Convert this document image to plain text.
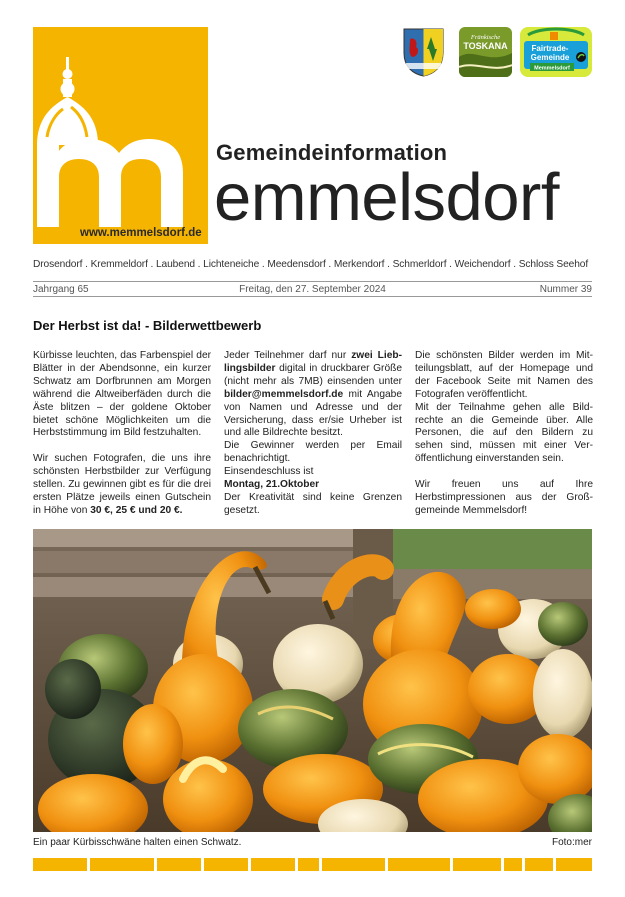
www.memmelsdorf.de
Fränkische
TOSKANA	Fairtrade-
Gemeinde
Memmelsdorf
Gemeindeinformation
emmelsdorf
Drosendorf . Kremmeldorf . Laubend . Lichteneiche . Meedensdorf . Merkendorf . Schmerldorf . Weichendorf . Schloss Seehof
Jahrgang 65	Freitag, den 27. September 2024	Nummer 39
Der Herbst ist da! - Bilderwettbewerb

Kürbisse leuchten, das Farbenspiel der Blätter in der Abendsonne, ein kurzer Schwatz am Dorfbrunnen am Morgen während die Altweiberfäden durch die Äste blitzen – der goldene Oktober bietet schöne Möglichkeiten um die Herbststimmung im Bild festzuhalten.

Wir suchen Fotografen, die uns ihre schönsten Herbstbilder zur Verfügung stellen. Zu gewinnen gibt es für die drei ersten Plätze jeweils einen Gutschein in Höhe von 30 €, 25 € und 20 €.

Jeder Teilnehmer darf nur zwei Lieb-lingsbilder digital in druckbarer Größe (nicht mehr als 7MB) einsenden unter bilder@memmelsdorf.de mit Angabe von Namen und Adresse und der Versicherung, dass er/sie Urheber ist und alle Bildrechte besitzt.

Die Gewinner werden per Email benachrichtigt.

Einsendeschluss ist

Montag, 21.Oktober

Der Kreativität sind keine Grenzen gesetzt.

Die schönsten Bilder werden im Mit-teilungsblatt, auf der Homepage und der Facebook Seite mit Namen des Fotografen veröffentlicht.

Mit der Teilnahme gehen alle Bild-rechte an die Gemeinde über. Alle Personen, die auf den Bildern zu sehen sind, müssen mit einer Ver-öffentlichung einverstanden sein.

Wir freuen uns auf Ihre Herbstimpressionen aus der Groß-gemeinde Memmelsdorf!

Ein paar Kürbisschwäne halten einen Schwatz.	Foto:mer
